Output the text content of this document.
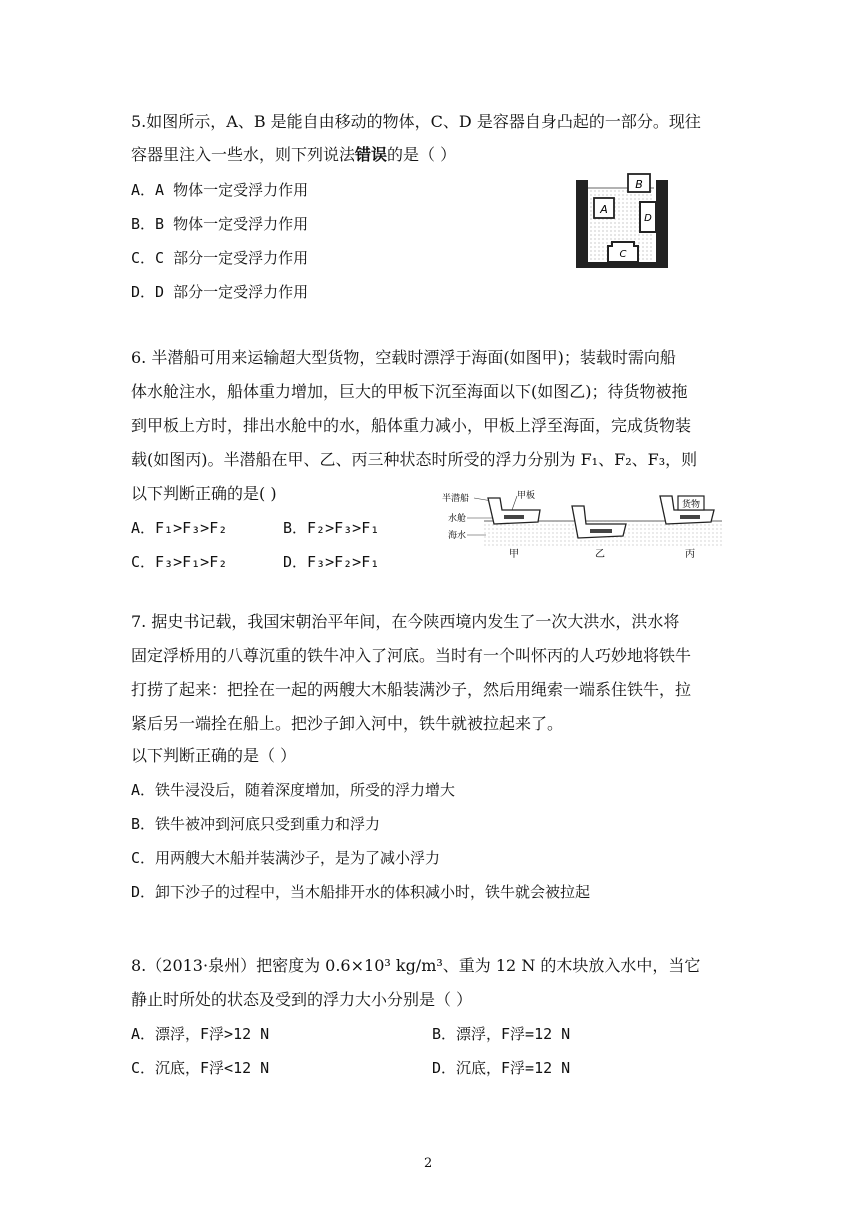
5.如图所示，A、B 是能自由移动的物体，C、D 是容器自身凸起的一部分。现往
容器里注入一些水，则下列说法错误的是（ ）
A．A 物体一定受浮力作用
B．B 物体一定受浮力作用
C．C 部分一定受浮力作用
D．D 部分一定受浮力作用
A
B
C
D
6. 半潜船可用来运输超大型货物，空载时漂浮于海面(如图甲)；装载时需向船
体水舱注水，船体重力增加，巨大的甲板下沉至海面以下(如图乙)；待货物被拖
到甲板上方时，排出水舱中的水，船体重力减小，甲板上浮至海面，完成货物装
载(如图丙)。半潜船在甲、乙、丙三种状态时所受的浮力分别为 F₁、F₂、F₃，则
以下判断正确的是( )
A．F₁>F₃>F₂	B．F₂>F₃>F₁
C．F₃>F₁>F₂	D．F₃>F₂>F₁
半潜船	甲板
水舱
海水
货物
甲	乙	丙
7. 据史书记载，我国宋朝治平年间，在今陕西境内发生了一次大洪水，洪水将
固定浮桥用的八尊沉重的铁牛冲入了河底。当时有一个叫怀丙的人巧妙地将铁牛
打捞了起来：把拴在一起的两艘大木船装满沙子，然后用绳索一端系住铁牛，拉
紧后另一端拴在船上。把沙子卸入河中，铁牛就被拉起来了。
以下判断正确的是（ ）
A．铁牛浸没后，随着深度增加，所受的浮力增大
B．铁牛被冲到河底只受到重力和浮力
C．用两艘大木船并装满沙子，是为了减小浮力
D．卸下沙子的过程中，当木船排开水的体积减小时，铁牛就会被拉起
8.（2013·泉州）把密度为 0.6×10³ kg/m³、重为 12 N 的木块放入水中，当它
静止时所处的状态及受到的浮力大小分别是（ ）
A．漂浮，F浮>12 N	B．漂浮，F浮=12 N
C．沉底，F浮<12 N	D．沉底，F浮=12 N
2
